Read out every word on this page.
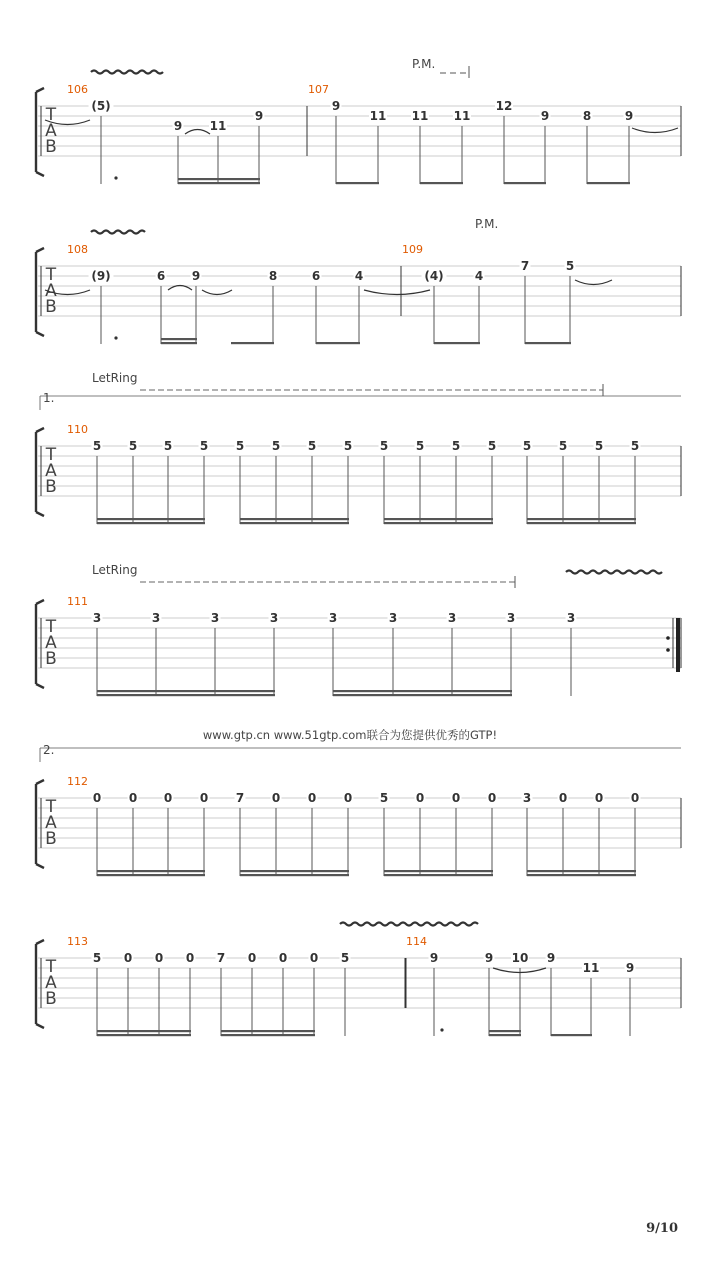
T
A
B
P.M.
106
(5)
9 11
9
107
9
11 11 11
12
9	8	9
T
A
B
P.M.
108
(9)	6 9	8	6	4
109
(4)	4
7	5
T
A
B
1.
LetRing
110
5 5 5 5 5 5 5 5 5 5 5 5 5 5 5 5
T
A
B
LetRing
111
3	3	3	3	3	3	3	3	3
T
A
B
2.
112
0 0 0 0 7 0 0 0 5 0 0 0 3 0 0 0
T
A
B
113
5 0 0 0 7 0 0 0 5
114
9	9 10 9
11 9
www.gtp.cn www.51gtp.com联合为您提供优秀的GTP!
9/10
